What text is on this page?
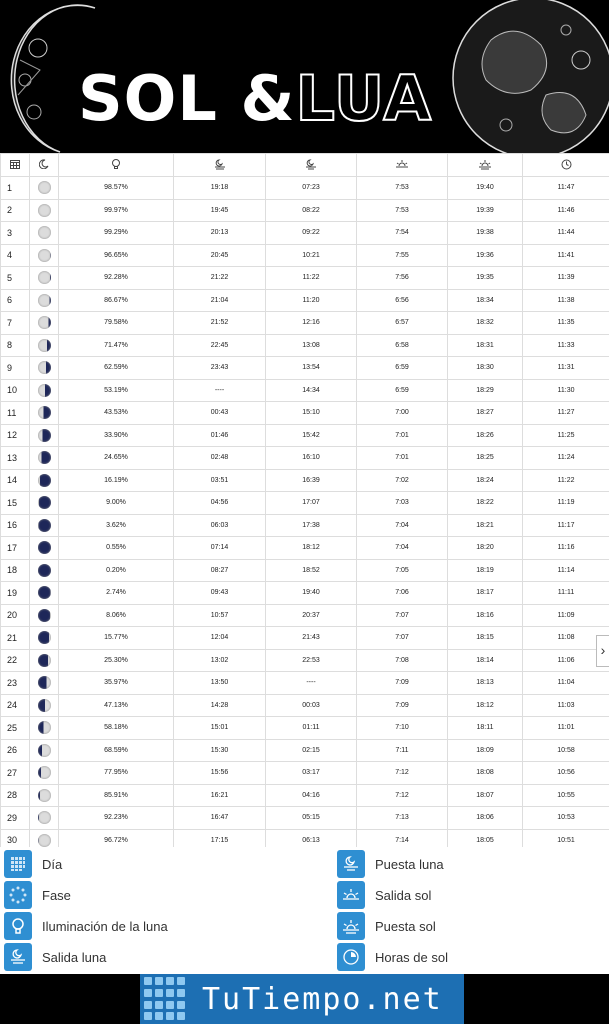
SOL &LUA

1		98.57%	19:18	07:23	7:53	19:40	11:47
2		99.97%	19:45	08:22	7:53	19:39	11:46
3		99.29%	20:13	09:22	7:54	19:38	11:44
4		96.65%	20:45	10:21	7:55	19:36	11:41
5		92.28%	21:22	11:22	7:56	19:35	11:39
6		86.67%	21:04	11:20	6:56	18:34	11:38
7		79.58%	21:52	12:16	6:57	18:32	11:35
8		71.47%	22:45	13:08	6:58	18:31	11:33
9		62.59%	23:43	13:54	6:59	18:30	11:31
10		53.19%	----	14:34	6:59	18:29	11:30
11		43.53%	00:43	15:10	7:00	18:27	11:27
12		33.90%	01:46	15:42	7:01	18:26	11:25
13		24.65%	02:48	16:10	7:01	18:25	11:24
14		16.19%	03:51	16:39	7:02	18:24	11:22
15		9.00%	04:56	17:07	7:03	18:22	11:19
16		3.62%	06:03	17:38	7:04	18:21	11:17
17		0.55%	07:14	18:12	7:04	18:20	11:16
18		0.20%	08:27	18:52	7:05	18:19	11:14
19		2.74%	09:43	19:40	7:06	18:17	11:11
20		8.06%	10:57	20:37	7:07	18:16	11:09
21		15.77%	12:04	21:43	7:07	18:15	11:08
22		25.30%	13:02	22:53	7:08	18:14	11:06
23		35.97%	13:50	----	7:09	18:13	11:04
24		47.13%	14:28	00:03	7:09	18:12	11:03
25		58.18%	15:01	01:11	7:10	18:11	11:01
26		68.59%	15:30	02:15	7:11	18:09	10:58
27		77.95%	15:56	03:17	7:12	18:08	10:56
28		85.91%	16:21	04:16	7:12	18:07	10:55
29		92.23%	16:47	05:15	7:13	18:06	10:53
30		96.72%	17:15	06:13	7:14	18:05	10:51
›
Día
Fase
Iluminación de la luna
Salida luna
Puesta luna
Salida sol
Puesta sol
Horas de sol
TuTiempo.net
